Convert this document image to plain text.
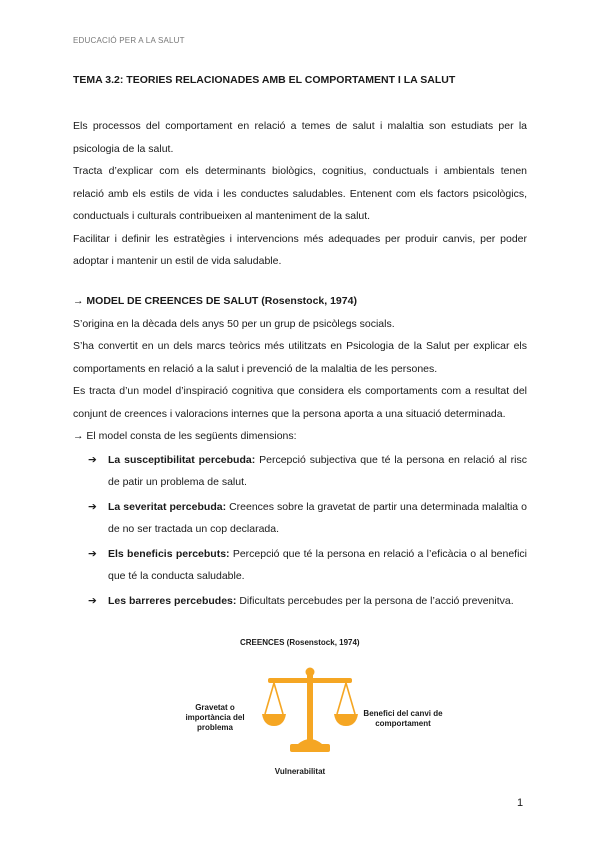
EDUCACIÓ PER A LA SALUT
TEMA 3.2: TEORIES RELACIONADES AMB EL COMPORTAMENT I LA SALUT

Els processos del comportament en relació a temes de salut i malaltia son estudiats per la psicologia de la salut.

Tracta d’explicar com els determinants biològics, cognitius, conductuals i ambientals tenen relació amb els estils de vida i les conductes saludables. Entenent com els factors psicològics, conductuals i culturals contribueixen al manteniment de la salut.

Facilitar i definir les estratègies i intervencions més adequades per produir canvis, per poder adoptar i mantenir un estil de vida saludable.

→ MODEL DE CREENCES DE SALUT (Rosenstock, 1974)

S’origina en la dècada dels anys 50 per un grup de psicòlegs socials.

S’ha convertit en un dels marcs teòrics més utilitzats en Psicologia de la Salut per explicar els comportaments en relació a la salut i prevenció de la malaltia de les persones.

Es tracta d’un model d’inspiració cognitiva que considera els comportaments com a resultat del conjunt de creences i valoracions internes que la persona aporta a una situació determinada.

→ El model consta de les següents dimensions:

➔ La susceptibilitat percebuda: Percepció subjectiva que té la persona en relació al risc de patir un problema de salut.
➔ La severitat percebuda: Creences sobre la gravetat de partir una determinada malaltia o de no ser tractada un cop declarada.
➔ Els beneficis percebuts: Percepció que té la persona en relació a l’eficàcia o al benefici que té la conducta saludable.
➔ Les barreres percebudes: Dificultats percebudes per la persona de l’acció prevenitva.
CREENCES (Rosenstock, 1974)
Gravetat o importància del problema
Benefici del canvi de comportament
Vulnerabilitat
1
